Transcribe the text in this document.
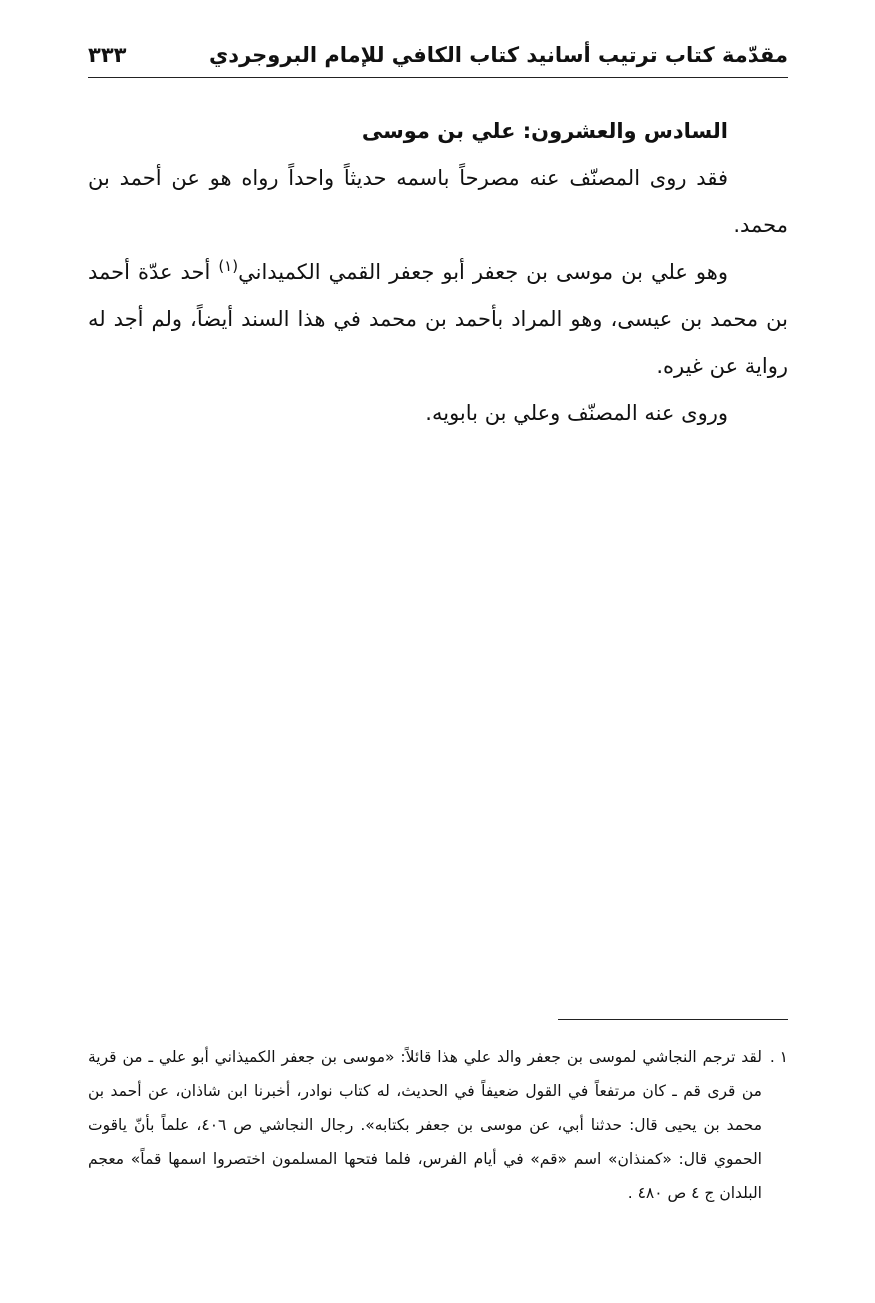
مقدّمة كتاب ترتيب أسانيد كتاب الكافي للإمام البروجردي
٣٣٣

السادس والعشرون: علي بن موسى

فقد روى المصنّف عنه مصرحاً باسمه حديثاً واحداً رواه هو عن أحمد بن محمد.

وهو علي بن موسى بن جعفر أبو جعفر القمي الكميداني$^{(١)}$ أحد عدّة أحمد بن محمد بن عيسى، وهو المراد بأحمد بن محمد في هذا السند أيضاً، ولم أجد له رواية عن غيره.

وروى عنه المصنّف وعلي بن بابويه.

١ .
لقد ترجم النجاشي لموسى بن جعفر والد علي هذا قائلاً: «موسى بن جعفر الكميذاني أبو علي ـ من قرية من قرى قم ـ كان مرتفعاً في القول ضعيفاً في الحديث، له كتاب نوادر، أخبرنا ابن شاذان، عن أحمد بن محمد بن يحيى قال: حدثنا أبي، عن موسى بن جعفر بكتابه». رجال النجاشي ص ٤٠٦، علماً بأنّ ياقوت الحموي قال: «كمنذان» اسم «قم» في أيام الفرس، فلما فتحها المسلمون اختصروا اسمها قماً» معجم البلدان ج ٤ ص ٤٨٠ .
